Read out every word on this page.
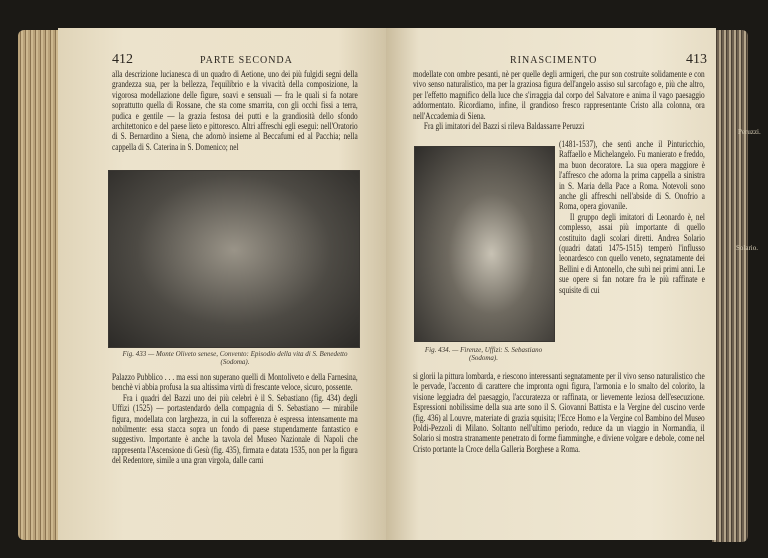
412	PARTE SECONDA

alla descrizione lucianesca di un quadro di Aetione, uno dei più fulgidi segni della grandezza sua, per la bellezza, l'equilibrio e la vivacità della composizione, la vigorosa modellazione delle figure, soavi e sensuali — fra le quali si fa notare soprattutto quella di Rossane, che sta come smarrita, con gli occhi fissi a terra, pudica e gentile — la grazia festosa dei putti e la grandiosità dello sfondo architettonico e del paese lieto e pittoresco. Altri affreschi egli eseguì: nell'Oratorio di S. Bernardino a Siena, che adornò insieme al Beccafumi ed al Pacchia; nella cappella di S. Caterina in S. Domenico; nel

Fig. 433 — Monte Oliveto senese, Convento: Episodio della vita di S. Benedetto (Sodoma).

Palazzo Pubblico . . . ma essi non superano quelli di Montoliveto e della Farnesina, benchè vi abbia profusa la sua altissima virtù di frescante veloce, sicuro, possente.

Fra i quadri del Bazzi uno dei più celebri è il S. Sebastiano (fig. 434) degli Uffizi (1525) — portastendardo della compagnia di S. Sebastiano — mirabile figura, modellata con larghezza, in cui la sofferenza è espressa intensamente ma nobilmente: essa stacca sopra un fondo di paese stupendamente fantastico e suggestivo. Importante è anche la tavola del Museo Nazionale di Napoli che rappresenta l'Ascensione di Gesù (fig. 435), firmata e datata 1535, non per la figura del Redentore, simile a una gran virgola, dalle carni

RINASCIMENTO	413

modellate con ombre pesanti, nè per quelle degli armigeri, che pur son costruite solidamente e con vivo senso naturalistico, ma per la graziosa figura dell'angelo assiso sul sarcofago e, più che altro, per l'effetto magnifico della luce che s'irraggia dal corpo del Salvatore e anima il vago paesaggio addormentato. Ricordiamo, infine, il grandioso fresco rappresentante Cristo alla colonna, ora nell'Accademia di Siena.

Fra gli imitatori del Bazzi si rileva Baldassarre Peruzzi

(1481-1537), che sentì anche il Pinturicchio, Raffaello e Michelangelo. Fu manierato e freddo, ma buon decoratore. La sua opera maggiore è l'affresco che adorna la prima cappella a sinistra in S. Maria della Pace a Roma. Notevoli sono anche gli affreschi nell'abside di S. Onofrio a Roma, opera giovanile.

Il gruppo degli imitatori di Leonardo è, nel complesso, assai più importante di quello costituito dagli scolari diretti. Andrea Solario (quadri datati 1475-1515) temperò l'influsso leonardesco con quello veneto, segnatamente dei Bellini e di Antonello, che subì nei primi anni. Le sue opere si fan notare fra le più raffinate e squisite di cui

Fig. 434. — Firenze, Uffizi: S. Sebastiano (Sodoma).

si glorii la pittura lombarda, e riescono interessanti segnatamente per il vivo senso naturalistico che le pervade, l'accento di carattere che impronta ogni figura, l'armonia e lo smalto del colorito, la visione leggiadra del paesaggio, l'accuratezza or raffinata, or lievemente leziosa dell'esecuzione. Espressioni nobilissime della sua arte sono il S. Giovanni Battista e la Vergine del cuscino verde (fig. 436) al Louvre, materiate di grazia squisita; l'Ecce Homo e la Vergine col Bambino del Museo Poldi-Pezzoli di Milano. Soltanto nell'ultimo periodo, reduce da un viaggio in Normandia, il Solario si mostra stranamente penetrato di forme fiamminghe, e diviene volgare e debole, come nel Cristo portante la Croce della Galleria Borghese a Roma.

Peruzzi.
Solario.
